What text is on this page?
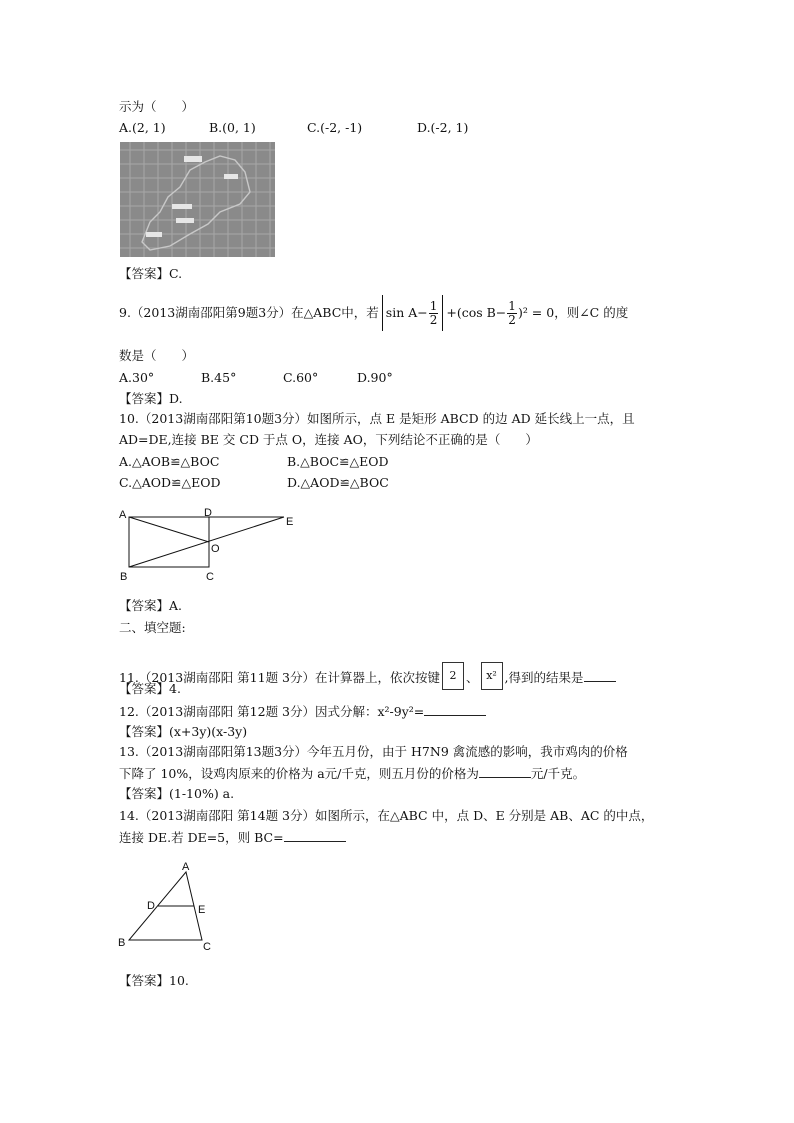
示为（　　）
A.(2, 1)	B.(0, 1)	C.(-2, -1)	D.(-2, 1)
【答案】C.
9.（2013湖南邵阳第9题3分）在△ABC中，若 $\sin A- \frac{1}{2} +(\cos$ $B- \frac{1}{2} )^2 = 0$，则∠C 的度
数是（　　）
A.30°	B.45°	C.60°	D.90°
【答案】D.
10.（2013湖南邵阳第10题3分）如图所示，点 E 是矩形 ABCD 的边 AD 延长线上一点，且
AD=DE,连接 BE 交 CD 于点 O，连接 AO，下列结论不正确的是（　　）
A.△AOB≌△BOC	B.△BOC≌△EOD
C.△AOD≌△EOD	D.△AOD≌△BOC
A	D
E
O
B	C
【答案】A.
二、填空题:
11.（2013湖南邵阳 第11题 3分）在计算器上，依次按键 2 、 x² ,得到的结果是
【答案】4.
12.（2013湖南邵阳 第12题 3分）因式分解：x²-9y²=
【答案】(x+3y)(x-3y)
13.（2013湖南邵阳第13题3分）今年五月份，由于 H7N9 禽流感的影响，我市鸡肉的价格
下降了 10%，设鸡肉原来的价格为 a元/千克，则五月份的价格为	元/千克。
【答案】(1-10%) a.
14.（2013湖南邵阳 第14题 3分）如图所示，在△ABC 中，点 D、E 分别是 AB、AC 的中点，
连接 DE.若 DE=5，则 BC=
A
D	E
B	C
【答案】10.
